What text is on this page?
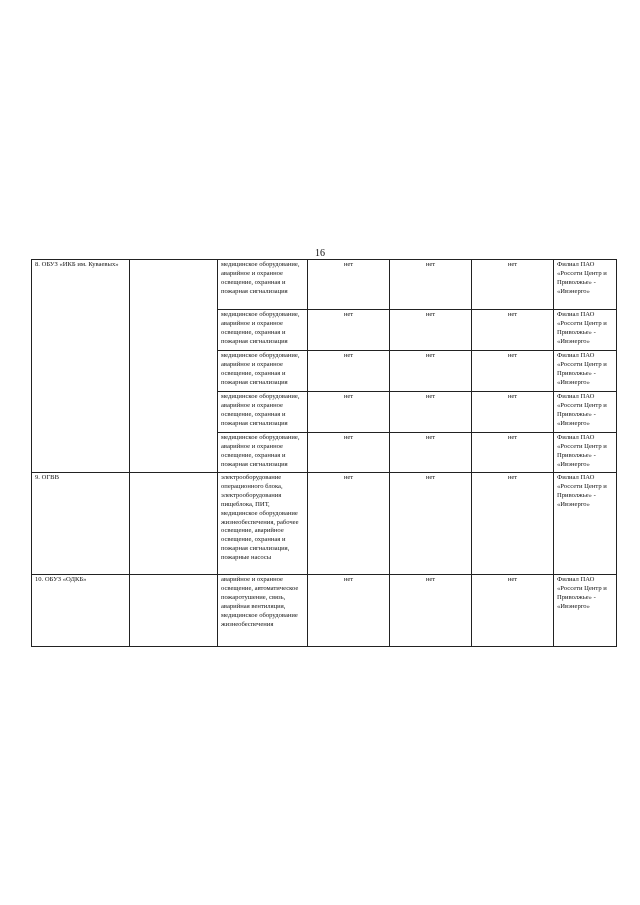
16
8. ОБУЗ «ИКБ им. Куваевых»		медицинское оборудование, аварийное и охранное освещение, охранная и пожарная сигнализация	нет	нет	нет	Филиал ПАО «Россети Центр и Приволжье» - «Ивэнерго»
		медицинское оборудование, аварийное и охранное освещение, охранная и пожарная сигнализация	нет	нет	нет	Филиал ПАО «Россети Центр и Приволжье» - «Ивэнерго»
		медицинское оборудование, аварийное и охранное освещение, охранная и пожарная сигнализация	нет	нет	нет	Филиал ПАО «Россети Центр и Приволжье» - «Ивэнерго»
		медицинское оборудование, аварийное и охранное освещение, охранная и пожарная сигнализация	нет	нет	нет	Филиал ПАО «Россети Центр и Приволжье» - «Ивэнерго»
		медицинское оборудование, аварийное и охранное освещение, охранная и пожарная сигнализация	нет	нет	нет	Филиал ПАО «Россети Центр и Приволжье» - «Ивэнерго»
9. ОГВВ		электрооборудование операционного блока, электрооборудования пищеблока, ПИТ, медицинское оборудование жизнеобеспечения, рабочее освещение, аварийное освещение, охранная и пожарная сигнализация, пожарные насосы	нет	нет	нет	Филиал ПАО «Россети Центр и Приволжье» - «Ивэнерго»
10. ОБУЗ «ОДКБ»		аварийное и охранное освещение, автоматическое пожаротушение, связь, аварийная вентиляция, медицинское оборудование жизнеобеспечения	нет	нет	нет	Филиал ПАО «Россети Центр и Приволжье» - «Ивэнерго»
